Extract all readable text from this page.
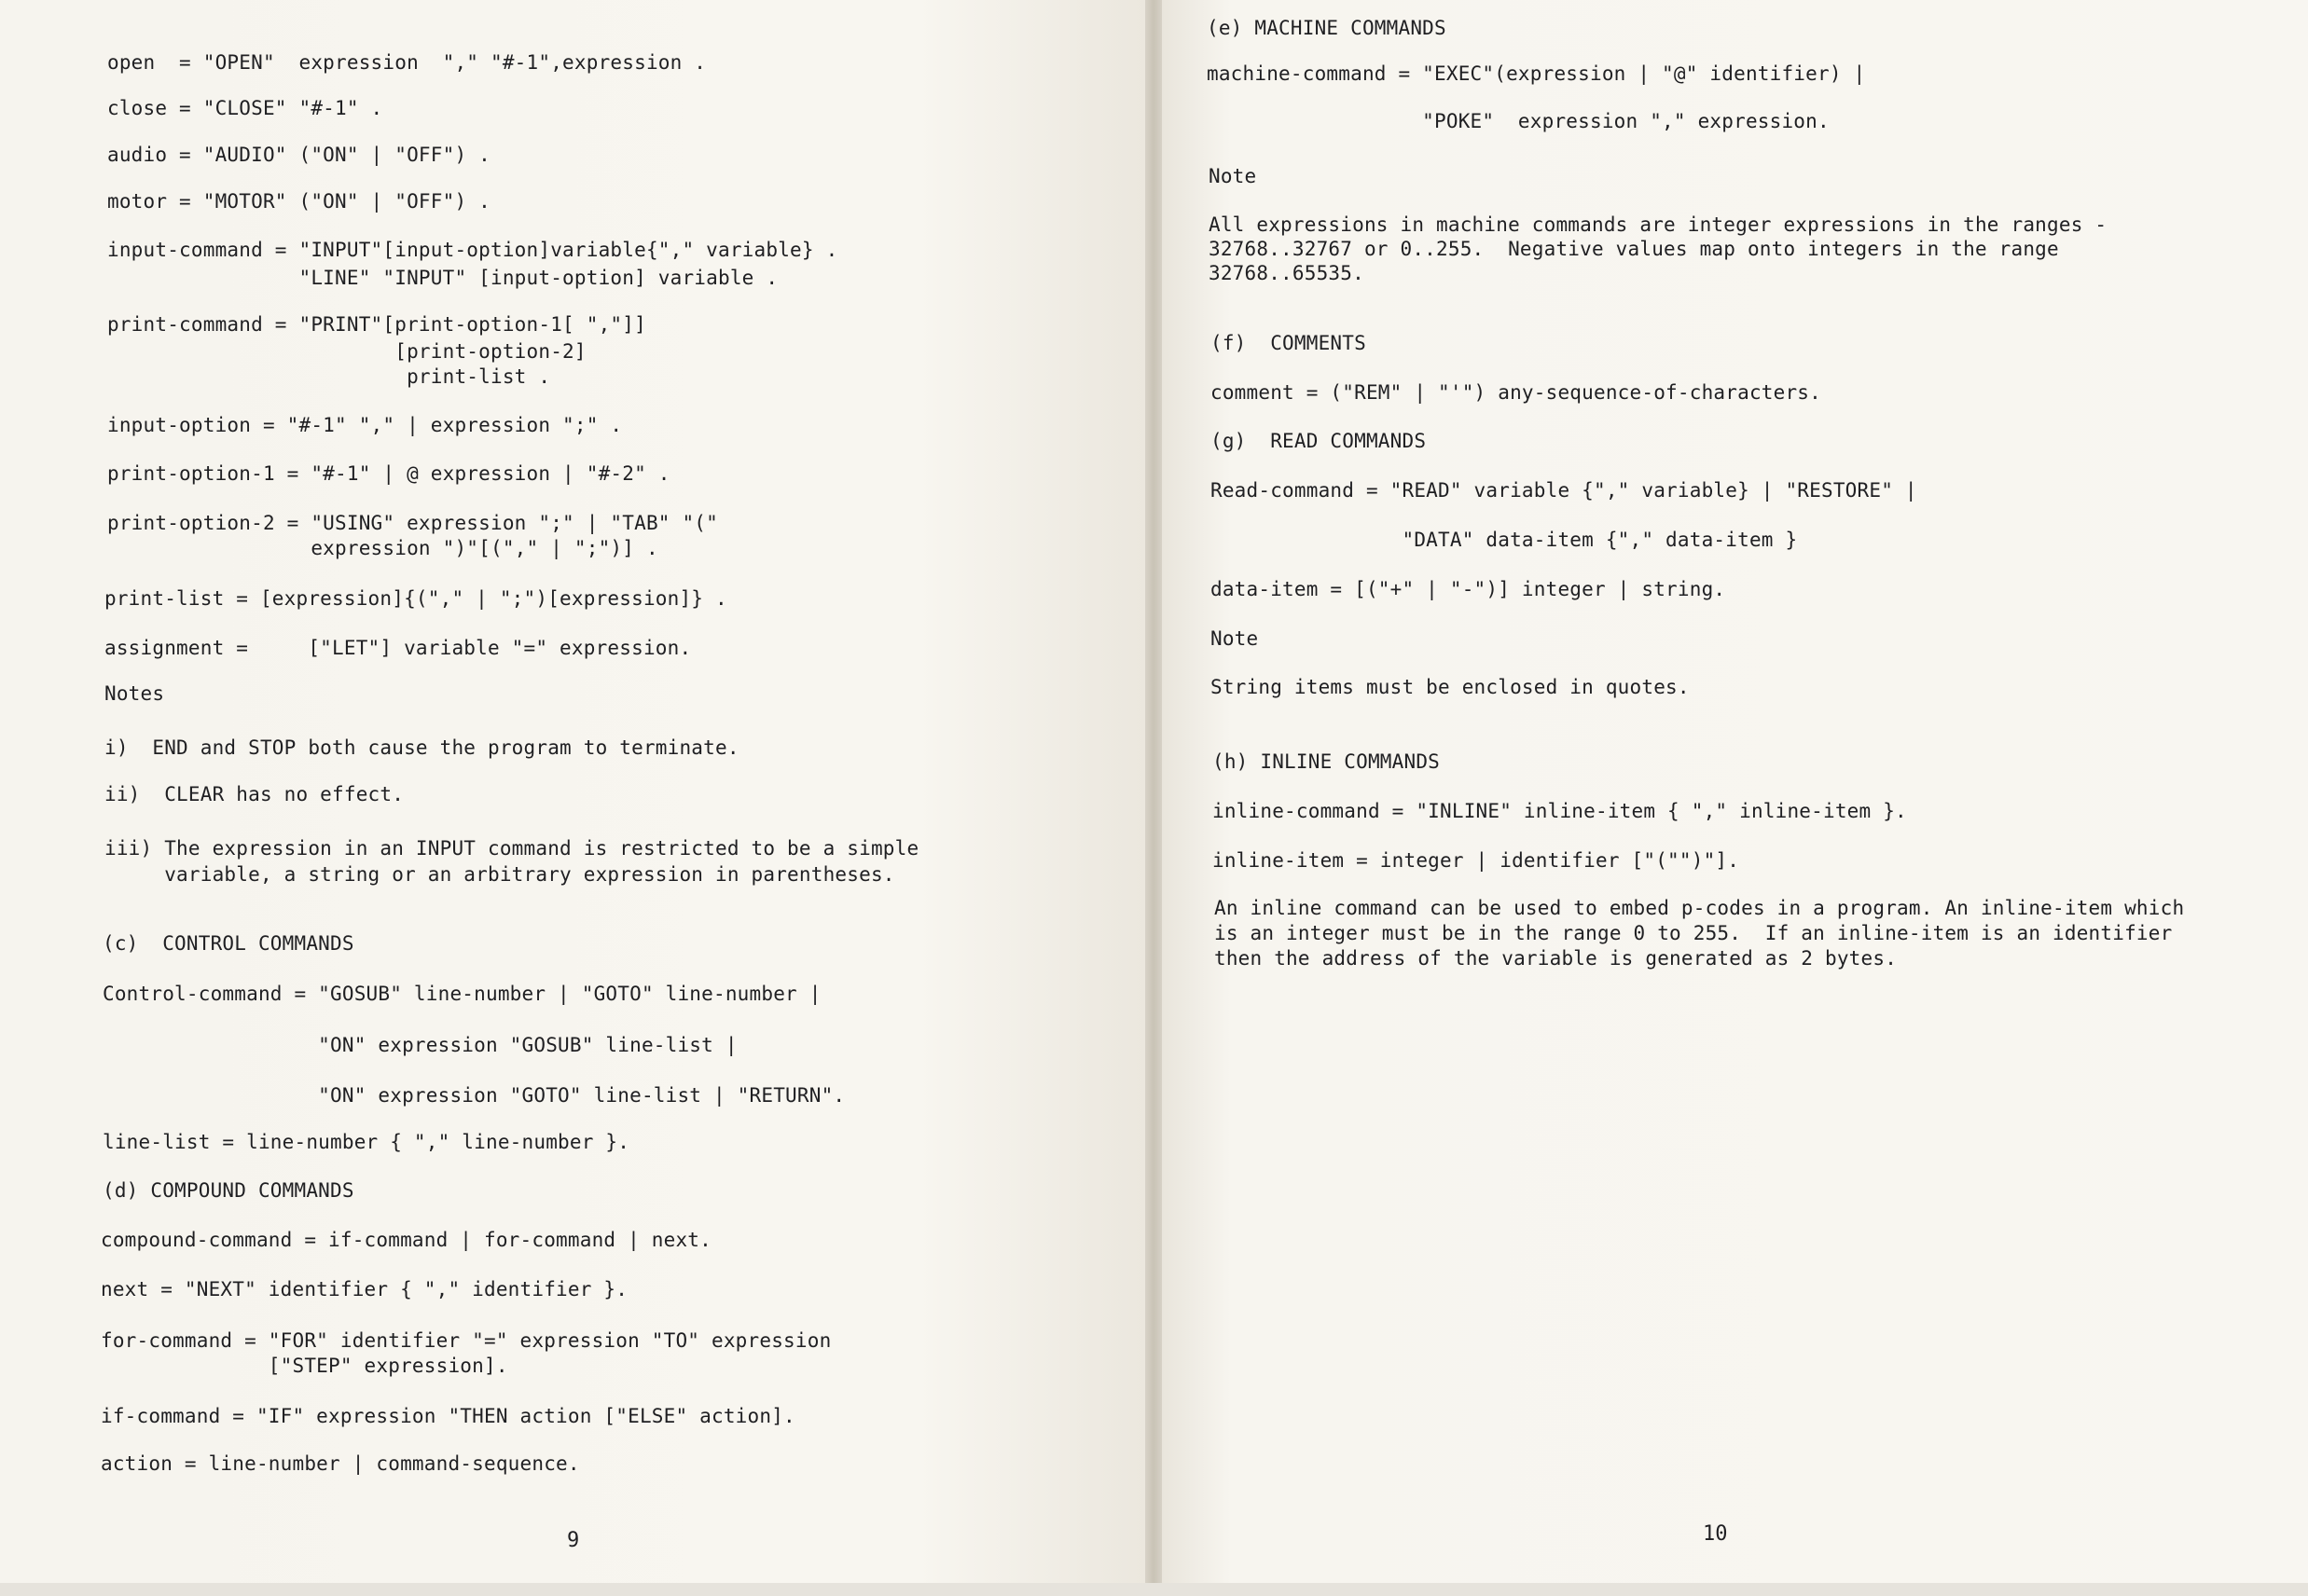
open  = "OPEN"  expression  "," "#-1",expression .
close = "CLOSE" "#-1" .
audio = "AUDIO" ("ON" | "OFF") .
motor = "MOTOR" ("ON" | "OFF") .
input-command = "INPUT"[input-option]variable{"," variable} .
"LINE" "INPUT" [input-option] variable .
print-command = "PRINT"[print-option-1[ ","]]
[print-option-2]
print-list .
input-option = "#-1" "," | expression ";" .
print-option-1 = "#-1" | @ expression | "#-2" .
print-option-2 = "USING" expression ";" | "TAB" "("
expression ")"[("," | ";")] .
print-list = [expression]{("," | ";")[expression]} .
assignment =     ["LET"] variable "=" expression.
Notes
i)  END and STOP both cause the program to terminate.
ii)  CLEAR has no effect.
iii) The expression in an INPUT command is restricted to be a simple
variable, a string or an arbitrary expression in parentheses.
(c)  CONTROL COMMANDS
Control-command = "GOSUB" line-number | "GOTO" line-number |
"ON" expression "GOSUB" line-list |
"ON" expression "GOTO" line-list | "RETURN".
line-list = line-number { "," line-number }.
(d) COMPOUND COMMANDS
compound-command = if-command | for-command | next.
next = "NEXT" identifier { "," identifier }.
for-command = "FOR" identifier "=" expression "TO" expression
["STEP" expression].
if-command = "IF" expression "THEN action ["ELSE" action].
action = line-number | command-sequence.
9
(e) MACHINE COMMANDS
machine-command = "EXEC"(expression | "@" identifier) |
"POKE"  expression "," expression.
Note
All expressions in machine commands are integer expressions in the ranges -
32768..32767 or 0..255.  Negative values map onto integers in the range
32768..65535.
(f)  COMMENTS
comment = ("REM" | "'") any-sequence-of-characters.
(g)  READ COMMANDS
Read-command = "READ" variable {"," variable} | "RESTORE" |
"DATA" data-item {"," data-item }
data-item = [("+" | "-")] integer | string.
Note
String items must be enclosed in quotes.
(h) INLINE COMMANDS
inline-command = "INLINE" inline-item { "," inline-item }.
inline-item = integer | identifier ["("")"].
An inline command can be used to embed p-codes in a program. An inline-item which
is an integer must be in the range 0 to 255.  If an inline-item is an identifier
then the address of the variable is generated as 2 bytes.
10
